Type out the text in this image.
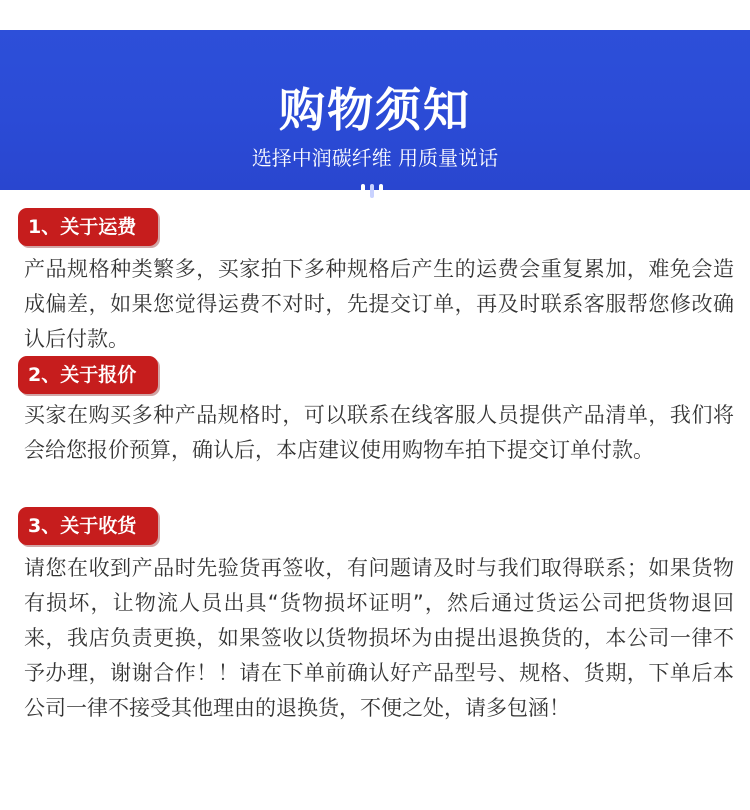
购物须知
选择中润碳纤维 用质量说话
1、关于运费

产品规格种类繁多，买家拍下多种规格后产生的运费会重复累加，难免会造成偏差，如果您觉得运费不对时，先提交订单，再及时联系客服帮您修改确认后付款。

2、关于报价

买家在购买多种产品规格时，可以联系在线客服人员提供产品清单，我们将会给您报价预算，确认后，本店建议使用购物车拍下提交订单付款。

3、关于收货

请您在收到产品时先验货再签收，有问题请及时与我们取得联系；如果货物有损坏，让物流人员出具“货物损坏证明”，然后通过货运公司把货物退回来，我店负责更换，如果签收以货物损坏为由提出退换货的，本公司一律不予办理，谢谢合作！！请在下单前确认好产品型号、规格、货期，下单后本公司一律不接受其他理由的退换货，不便之处，请多包涵！
